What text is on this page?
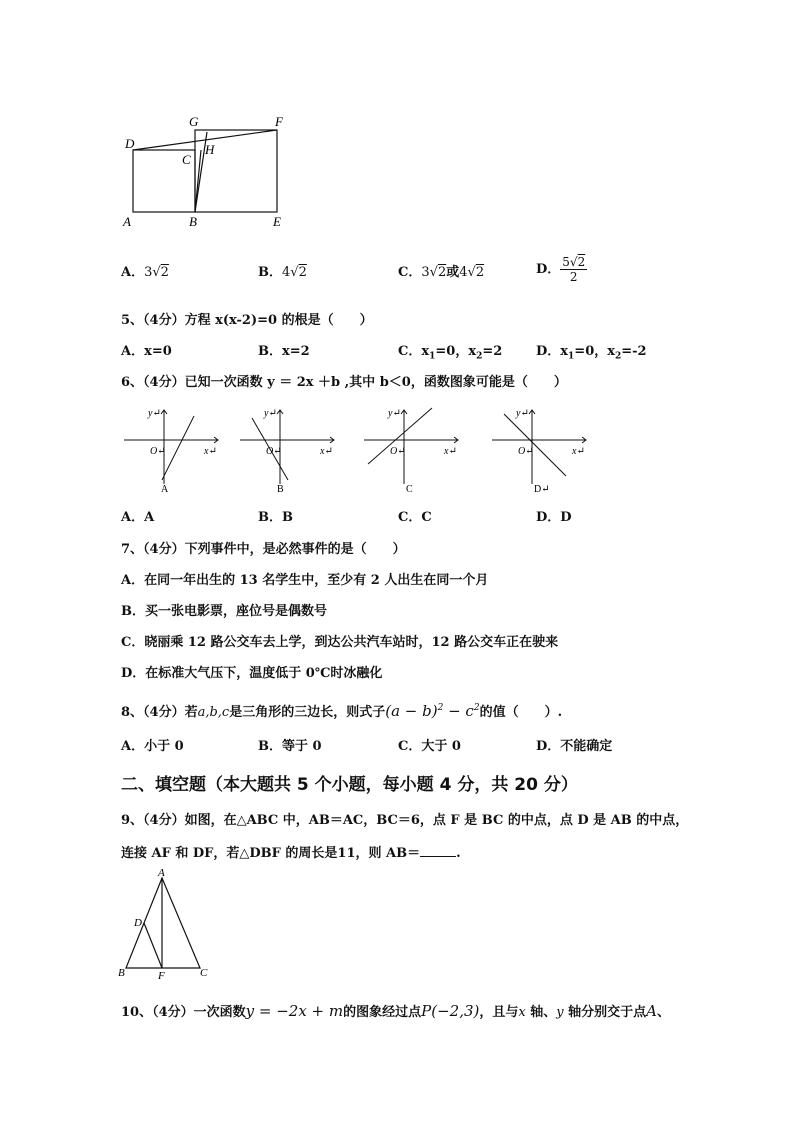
D
A	B	E
G	F
C
H
A．3√2	B．4√2	C．3√2或4√2	D． $\frac{5√2}{2}$
5、（4分）方程 x(x-2)=0 的根是（　　）
A．x=0	B．x=2	C．$x_1=0$，$x_2=2$	D．$x_1=0$，$x_2=-2$
6、（4分）已知一次函数 y ＝ 2x ＋b ,其中 b＜0，函数图象可能是（　　）
y↵
x↵
O↵
A
y↵
x↵
O↵
B
y↵
x↵
O↵
C
y↵
x↵
O↵
D↵
A．A	B．B	C．C	D．D
7、（4分）下列事件中，是必然事件的是（　　）
A．在同一年出生的 13 名学生中，至少有 2 人出生在同一个月
B．买一张电影票，座位号是偶数号
C．晓丽乘 12 路公交车去上学，到达公共汽车站时，12 路公交车正在驶来
D．在标准大气压下，温度低于 0℃时冰融化
8、（4分）若a,b,c是三角形的三边长，则式子$(a - b)^2 - c^2$的值（　　）.
A．小于 0	B．等于 0	C．大于 0	D．不能确定
二、填空题（本大题共 5 个小题，每小题 4 分，共 20 分）
9、（4分）如图，在△ABC 中，AB＝AC，BC＝6，点 F 是 BC 的中点，点 D 是 AB 的中点，
连接 AF 和 DF，若△DBF 的周长是11，则 AB＝	.
A
D
B	F	C
10、（4分）一次函数y = −2x + m的图象经过点P(−2,3)，且与x 轴、y 轴分别交于点A、
